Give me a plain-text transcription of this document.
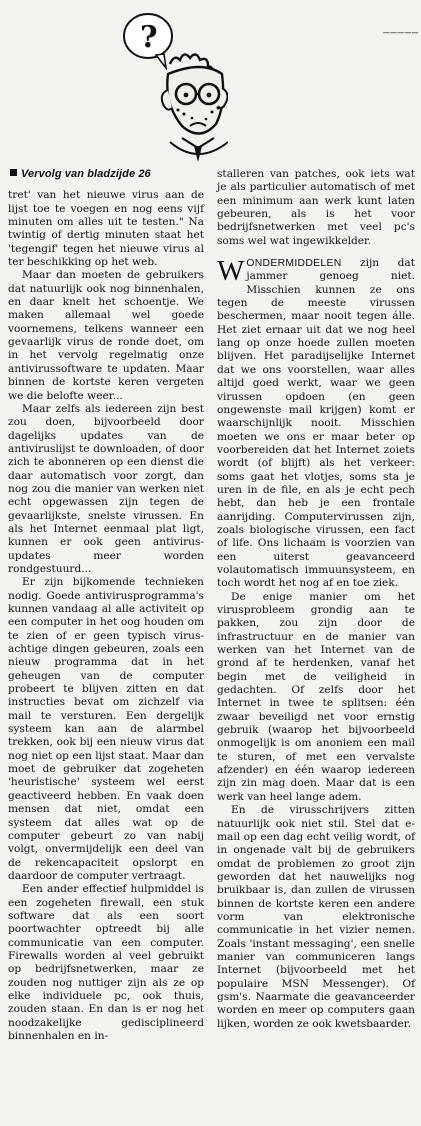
?	_____
Vervolg van bladzijde 26

tret' van het nieuwe virus aan de lijst toe te voegen en nog eens vijf minuten om alles uit te testen." Na twintig of dertig minuten staat het 'tegengif' tegen het nieuwe virus al ter beschikking op het web.

Maar dan moeten de gebruikers dat natuurlijk ook nog binnenhalen, en daar knelt het schoentje. We maken allemaal wel goede voornemens, telkens wanneer een gevaarlijk virus de ronde doet, om in het vervolg regelmatig onze antivirussoftware te updaten. Maar binnen de kortste keren vergeten we die belofte weer...

Maar zelfs als iedereen zijn best zou doen, bijvoorbeeld door dagelijks updates van de antiviruslijst te downloaden, of door zich te abonneren op een dienst die daar automatisch voor zorgt, dan nog zou die manier van werken niet echt opgewassen zijn tegen de gevaarlijkste, snelste virussen. En als het Internet eenmaal plat ligt, kunnen er ook geen antivirus-updates meer worden rondgestuurd...

Er zijn bijkomende technieken nodig. Goede antivirusprogramma's kunnen vandaag al alle activiteit op een computer in het oog houden om te zien of er geen typisch virus-achtige dingen gebeuren, zoals een nieuw programma dat in het geheugen van de computer probeert te blijven zitten en dat instructies bevat om zichzelf via mail te versturen. Een dergelijk systeem kan aan de alarmbel trekken, ook bij een nieuw virus dat nog niet op een lijst staat. Maar dan moet de gebruiker dat zogeheten 'heuristische' systeem wel eerst geactiveerd hebben. En vaak doen mensen dat niet, omdat een systeem dat alles wat op de computer gebeurt zo van nabij volgt, onvermijdelijk een deel van de rekencapaciteit opslorpt en daardoor de computer vertraagt.

Een ander effectief hulpmiddel is een zogeheten firewall, een stuk software dat als een soort poortwachter optreedt bij alle communicatie van een computer. Firewalls worden al veel gebruikt op bedrijfsnetwerken, maar ze zouden nog nuttiger zijn als ze op elke individuele pc, ook thuis, zouden staan. En dan is er nog het noodzakelijke gedisciplineerd binnenhalen en in-

stalleren van patches, ook iets wat je als particulier automatisch of met een minimum aan werk kunt laten gebeuren, als is het voor bedrijfsnetwerken met veel pc's soms wel wat ingewikkelder.

WONDERMIDDELEN zijn dat jammer genoeg niet. Misschien kunnen ze ons tegen de meeste virussen beschermen, maar nooit tegen álle. Het ziet ernaar uit dat we nog heel lang op onze hoede zullen moeten blijven. Het paradijselijke Internet dat we ons voorstellen, waar alles altijd goed werkt, waar we geen virussen opdoen (en geen ongewenste mail krijgen) komt er waarschijnlijk nooit. Misschien moeten we ons er maar beter op voorbereiden dat het Internet zoiets wordt (of blijft) als het verkeer: soms gaat het vlotjes, soms sta je uren in de file, en als je echt pech hebt, dan heb je een frontale aanrijding. Computervirussen zijn, zoals biologische virussen, een fact of life. Ons lichaam is voorzien van een uiterst geavanceerd volautomatisch immuunsysteem, en toch wordt het nog af en toe ziek.

De enige manier om het virusprobleem grondig aan te pakken, zou zijn door de infrastructuur en de manier van werken van het Internet van de grond af te herdenken, vanaf het begin met de veiligheid in gedachten. Of zelfs door het Internet in twee te splitsen: één zwaar beveiligd net voor ernstig gebruik (waarop het bijvoorbeeld onmogelijk is om anoniem een mail te sturen, of met een vervalste afzender) en één waarop iedereen zijn zin mag doen. Maar dat is een werk van heel lange adem.

En de virusschrijvers zitten natuurlijk ook niet stil. Stel dat e-mail op een dag echt veilig wordt, of in ongenade valt bij de gebruikers omdat de problemen zo groot zijn geworden dat het nauwelijks nog bruikbaar is, dan zullen de virussen binnen de kortste keren een andere vorm van elektronische communicatie in het vizier nemen. Zoals 'instant messaging', een snelle manier van communiceren langs Internet (bijvoorbeeld met het populaire MSN Messenger). Of gsm's. Naarmate die geavanceerder worden en meer op computers gaan lijken, worden ze ook kwetsbaarder.
